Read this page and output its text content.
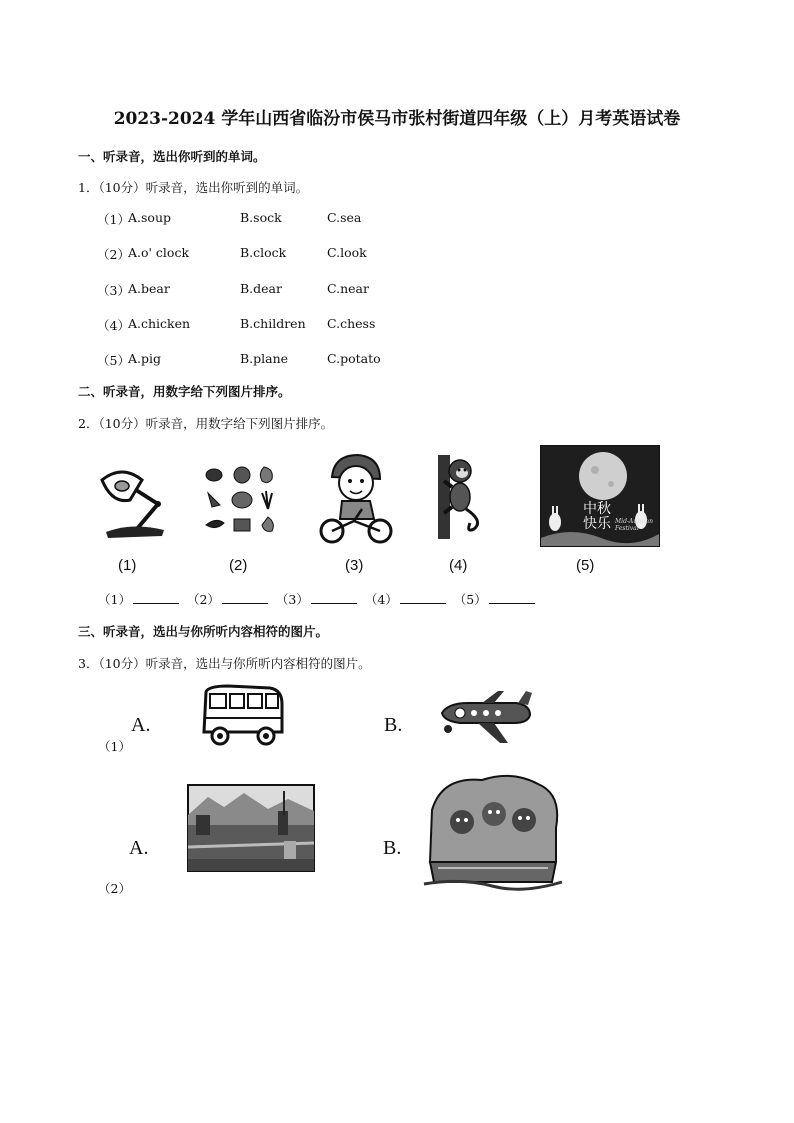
2023-2024 学年山西省临汾市侯马市张村街道四年级（上）月考英语试卷
一、听录音，选出你听到的单词。
1．（10分）听录音，选出你听到的单词。
（1）
A.soup	B.sock	C.sea
（2）
A.o' clock	B.clock	C.look
（3）
A.bear	B.dear	C.near
（4）
A.chicken	B.children C.chess
（5）
A.pig	B.plane	C.potato
二、听录音，用数字给下列图片排序。
2．（10分）听录音，用数字给下列图片排序。
(1)	(2)	(3)	(4)
中秋
快乐 Mid-Autumn Festival
(5)
（1）	（2）	（3）	（4）	（5）
三、听录音，选出与你所听内容相符的图片。
3．（10分）听录音，选出与你所听内容相符的图片。
（1）
A.	B.
（2）
A.	B.
